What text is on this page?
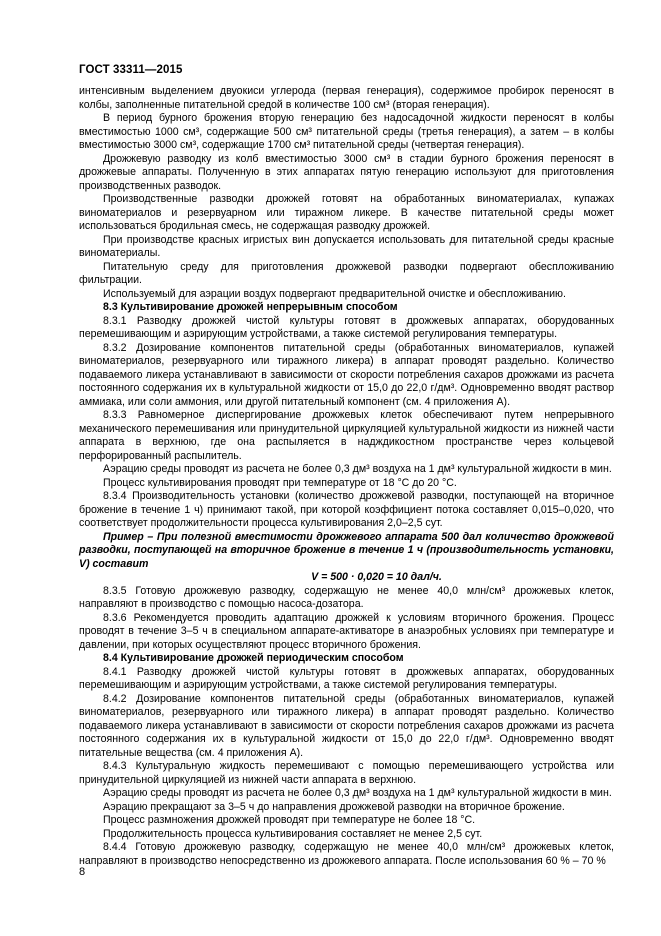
ГОСТ 33311—2015

интенсивным выделением двуокиси углерода (первая генерация), содержимое пробирок переносят в колбы, заполненные питательной средой в количестве 100 см³ (вторая генерация).

В период бурного брожения вторую генерацию без надосадочной жидкости переносят в колбы вместимостью 1000 см³, содержащие 500 см³ питательной среды (третья генерация), а затем – в колбы вместимостью 3000 см³, содержащие 1700 см³ питательной среды (четвертая генерация).

Дрожжевую разводку из колб вместимостью 3000 см³ в стадии бурного брожения переносят в дрожжевые аппараты. Полученную в этих аппаратах пятую генерацию используют для приготовления производственных разводок.

Производственные разводки дрожжей готовят на обработанных виноматериалах, купажах виноматериалов и резервуарном или тиражном ликере. В качестве питательной среды может использоваться бродильная смесь, не содержащая разводку дрожжей.

При производстве красных игристых вин допускается использовать для питательной среды красные виноматериалы.

Питательную среду для приготовления дрожжевой разводки подвергают обеспложиванию фильтрации.

Используемый для аэрации воздух подвергают предварительной очистке и обеспложиванию.

8.3 Культивирование дрожжей непрерывным способом

8.3.1 Разводку дрожжей чистой культуры готовят в дрожжевых аппаратах, оборудованных перемешивающим и аэрирующим устройствами, а также системой регулирования температуры.

8.3.2 Дозирование компонентов питательной среды (обработанных виноматериалов, купажей виноматериалов, резервуарного или тиражного ликера) в аппарат проводят раздельно. Количество подаваемого ликера устанавливают в зависимости от скорости потребления сахаров дрожжами из расчета постоянного содержания их в культуральной жидкости от 15,0 до 22,0 г/дм³. Одновременно вводят раствор аммиака, или соли аммония, или другой питательный компонент (см. 4 приложения А).

8.3.3 Равномерное диспергирование дрожжевых клеток обеспечивают путем непрерывного механического перемешивания или принудительной циркуляцией культуральной жидкости из нижней части аппарата в верхнюю, где она распыляется в надждикостном пространстве через кольцевой перфорированный распылитель.

Аэрацию среды проводят из расчета не более 0,3 дм³ воздуха на 1 дм³ культуральной жидкости в мин.

Процесс культивирования проводят при температуре от 18 °С до 20 °С.

8.3.4 Производительность установки (количество дрожжевой разводки, поступающей на вторичное брожение в течение 1 ч) принимают такой, при которой коэффициент потока составляет 0,015–0,020, что соответствует продолжительности процесса культивирования 2,0–2,5 сут.

Пример – При полезной вместимости дрожжевого аппарата 500 дал количество дрожжевой разводки, поступающей на вторичное брожение в течение 1 ч (производительность установки, V) составит

V = 500 · 0,020 = 10 дал/ч.

8.3.5 Готовую дрожжевую разводку, содержащую не менее 40,0 млн/см³ дрожжевых клеток, направляют в производство с помощью насоса-дозатора.

8.3.6 Рекомендуется проводить адаптацию дрожжей к условиям вторичного брожения. Процесс проводят в течение 3–5 ч в специальном аппарате-активаторе в анаэробных условиях при температуре и давлении, при которых осуществляют процесс вторичного брожения.

8.4 Культивирование дрожжей периодическим способом

8.4.1 Разводку дрожжей чистой культуры готовят в дрожжевых аппаратах, оборудованных перемешивающим и аэрирующим устройствами, а также системой регулирования температуры.

8.4.2 Дозирование компонентов питательной среды (обработанных виноматериалов, купажей виноматериалов, резервуарного или тиражного ликера) в аппарат проводят раздельно. Количество подаваемого ликера устанавливают в зависимости от скорости потребления сахаров дрожжами из расчета постоянного содержания их в культуральной жидкости от 15,0 до 22,0 г/дм³. Одновременно вводят питательные вещества (см. 4 приложения А).

8.4.3 Культуральную жидкость перемешивают с помощью перемешивающего устройства или принудительной циркуляцией из нижней части аппарата в верхнюю.

Аэрацию среды проводят из расчета не более 0,3 дм³ воздуха на 1 дм³ культуральной жидкости в мин.

Аэрацию прекращают за 3–5 ч до направления дрожжевой разводки на вторичное брожение.

Процесс размножения дрожжей проводят при температуре не более 18 °С.

Продолжительность процесса культивирования составляет не менее 2,5 сут.

8.4.4 Готовую дрожжевую разводку, содержащую не менее 40,0 млн/см³ дрожжевых клеток, направляют в производство непосредственно из дрожжевого аппарата. После использования 60 % – 70 %

8
